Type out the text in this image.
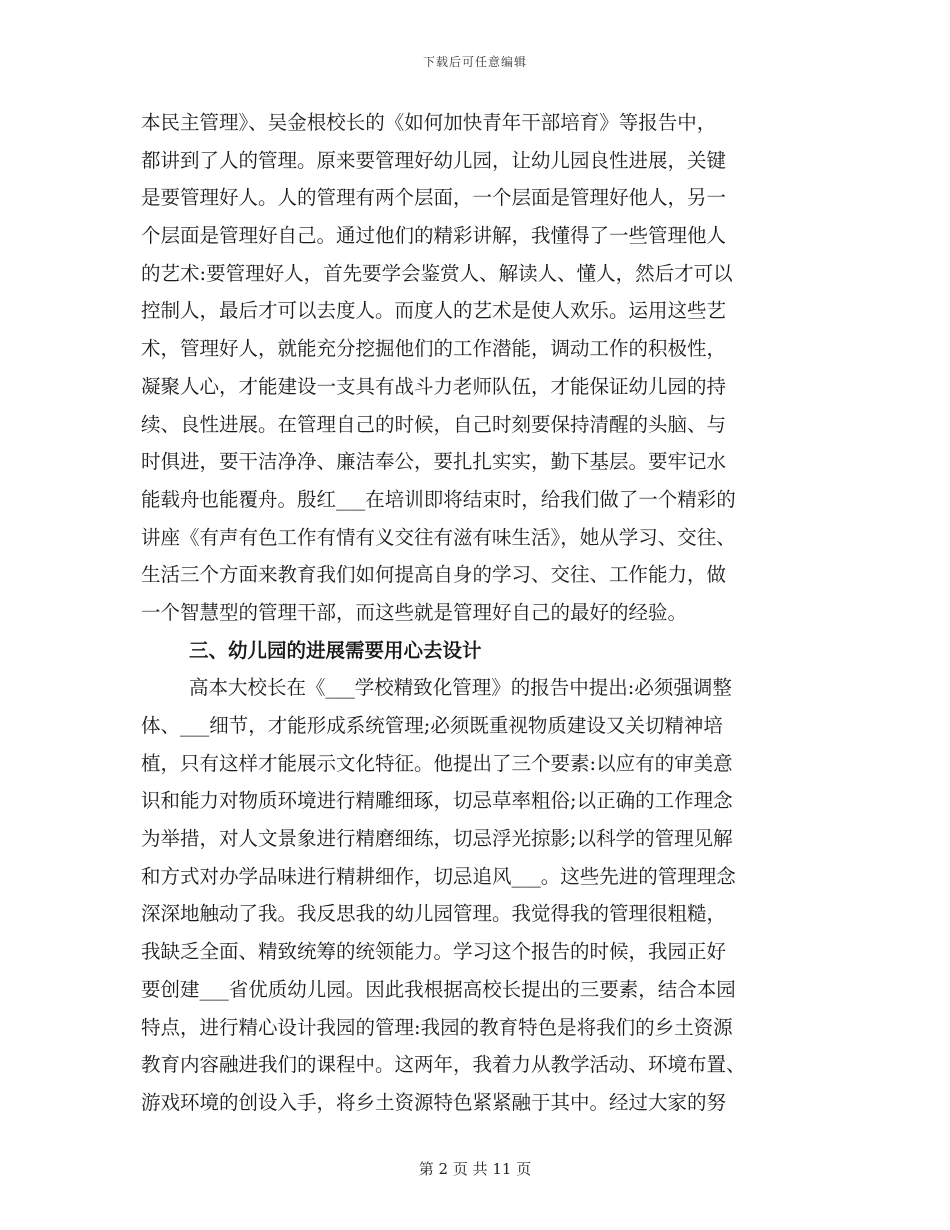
下载后可任意编辑
本民主管理》、吴金根校长的《如何加快青年干部培育》等报告中，
都讲到了人的管理。原来要管理好幼儿园，让幼儿园良性进展，关键
是要管理好人。人的管理有两个层面，一个层面是管理好他人，另一
个层面是管理好自己。通过他们的精彩讲解，我懂得了一些管理他人
的艺术:要管理好人，首先要学会鉴赏人、解读人、懂人，然后才可以
控制人，最后才可以去度人。而度人的艺术是使人欢乐。运用这些艺
术，管理好人，就能充分挖掘他们的工作潜能，调动工作的积极性，
凝聚人心，才能建设一支具有战斗力老师队伍，才能保证幼儿园的持
续、良性进展。在管理自己的时候，自己时刻要保持清醒的头脑、与
时俱进，要干洁净净、廉洁奉公，要扎扎实实，勤下基层。要牢记水
能载舟也能覆舟。殷红___在培训即将结束时，给我们做了一个精彩的
讲座《有声有色工作有情有义交往有滋有味生活》，她从学习、交往、
生活三个方面来教育我们如何提高自身的学习、交往、工作能力，做
一个智慧型的管理干部，而这些就是管理好自己的最好的经验。
三、幼儿园的进展需要用心去设计
高本大校长在《___学校精致化管理》的报告中提出:必须强调整
体、___细节，才能形成系统管理;必须既重视物质建设又关切精神培
植，只有这样才能展示文化特征。他提出了三个要素:以应有的审美意
识和能力对物质环境进行精雕细琢，切忌草率粗俗;以正确的工作理念
为举措，对人文景象进行精磨细练，切忌浮光掠影;以科学的管理见解
和方式对办学品味进行精耕细作，切忌追风___。这些先进的管理理念
深深地触动了我。我反思我的幼儿园管理。我觉得我的管理很粗糙，
我缺乏全面、精致统筹的统领能力。学习这个报告的时候，我园正好
要创建___省优质幼儿园。因此我根据高校长提出的三要素，结合本园
特点，进行精心设计我园的管理:我园的教育特色是将我们的乡土资源
教育内容融进我们的课程中。这两年，我着力从教学活动、环境布置、
游戏环境的创设入手，将乡土资源特色紧紧融于其中。经过大家的努
第 2 页 共 11 页
